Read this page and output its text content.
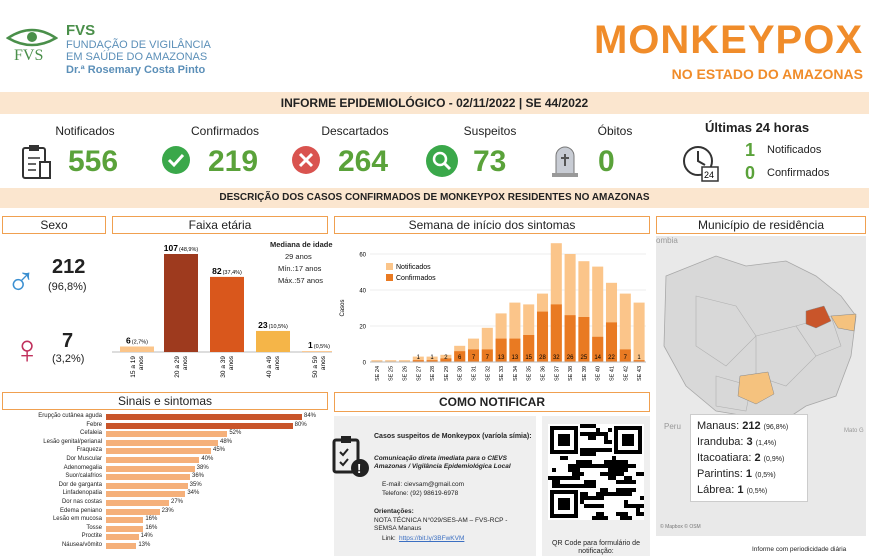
FVS
FVS
FUNDAÇÃO DE VIGILÂNCIA
EM SAÚDE DO AMAZONAS
Dr.ª Rosemary Costa Pinto
MONKEYPOX
NO ESTADO DO AMAZONAS
INFORME EPIDEMIOLÓGICO - 02/11/2022 | SE 44/2022
Notificados
556
Confirmados
219
Descartados
264
Suspeitos
73
Óbitos
0
Últimas 24 horas
24
1 Notificados
0 Confirmados
DESCRIÇÃO DOS CASOS CONFIRMADOS DE MONKEYPOX RESIDENTES NO AMAZONAS
Sexo
♂ 212
(96,8%)
♀ 7
(3,2%)
Faixa etária
6(2,7%)
15 a 19 anos
107(48,9%)
20 a 29 anos
82(37,4%)
30 a 39 anos
23(10,5%)
40 a 49 anos
1(0,5%)
50 a 59 anos
Mediana de idade
29 anos
Mín.:17 anos
Máx.:57 anos
Semana de início dos sintomas
0
20
40
60
Casos
SE 24 SE 25 SE 26
1
SE 27
1
SE 28
2
SE 29
6
SE 30
7
SE 31
7
SE 32
13
SE 33
13
SE 34
15
SE 35
28
SE 36
32
SE 37
26
SE 38
25
SE 39
14
SE 40
22
SE 41
7
SE 42
1
SE 43
Notificados
Confirmados
Município de residência
ombia
Peru	Mato G
© Mapbox © OSM
Manaus: 212 (96,8%)
Iranduba: 3 (1,4%)
Itacoatiara: 2 (0,9%)
Parintins: 1 (0,5%)
Lábrea: 1 (0,5%)
Sinais e sintomas
Erupção cutânea aguda	84%
Febre	80%
Cefaleia	52%
Lesão genital/perianal	48%
Fraqueza	45%
Dor Muscular	40%
Adenomegalia	38%
Suor/calafrios	36%
Dor de garganta	35%
Linfadenopatia	34%
Dor nas costas	27%
Edema peniano	23%
Lesão em mucosa	16%
Tosse	16%
Proctite	14%
Náusea/vômito	13%
COMO NOTIFICAR
!
Casos suspeitos de Monkeypox (varíola símia):
Comunicação direta imediata para o CIEVS Amazonas / Vigilância Epidemiológica Local
E-mail: cievsam@gmail.com
Telefone: (92) 98619-6978
Orientações:
NOTA TÉCNICA N°029/SES-AM – FVS-RCP - SEMSA Manaus
Link: https://bit.ly/3BFwKVM
QR Code para formulário de notificação:	Informe com periodicidade diária
